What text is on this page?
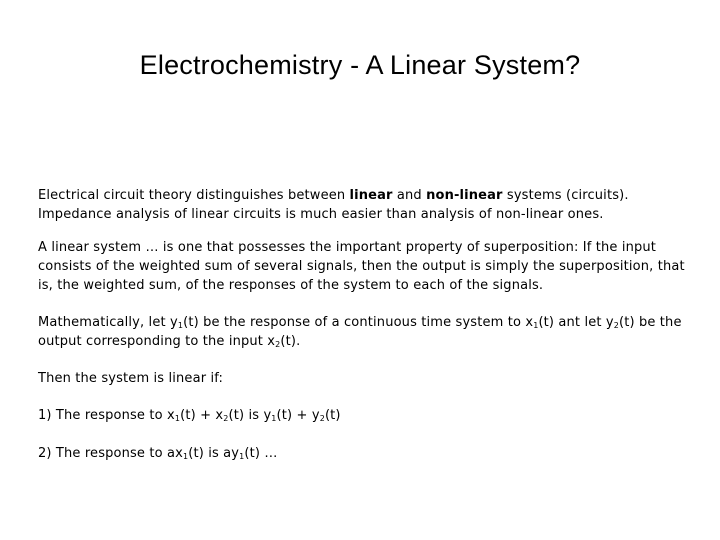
Electrochemistry - A Linear System?

Electrical circuit theory distinguishes between linear and non-linear systems (circuits).
Impedance analysis of linear circuits is much easier than analysis of non-linear ones.

A linear system … is one that possesses the important property of superposition: If the input consists of the weighted sum of several signals, then the output is simply the superposition, that is, the weighted sum, of the responses of the system to each of the signals.

Mathematically, let $y_1(t)$ be the response of a continuous time system to $x_1(t)$ ant let $y_2(t)$ be the output corresponding to the input $x_2(t)$.

Then the system is linear if:

1) The response to $x_1(t) + x_2(t)$ is $y_1(t) + y_2(t)$

2) The response to $ax_1(t)$ is $ay_1(t)$ …
